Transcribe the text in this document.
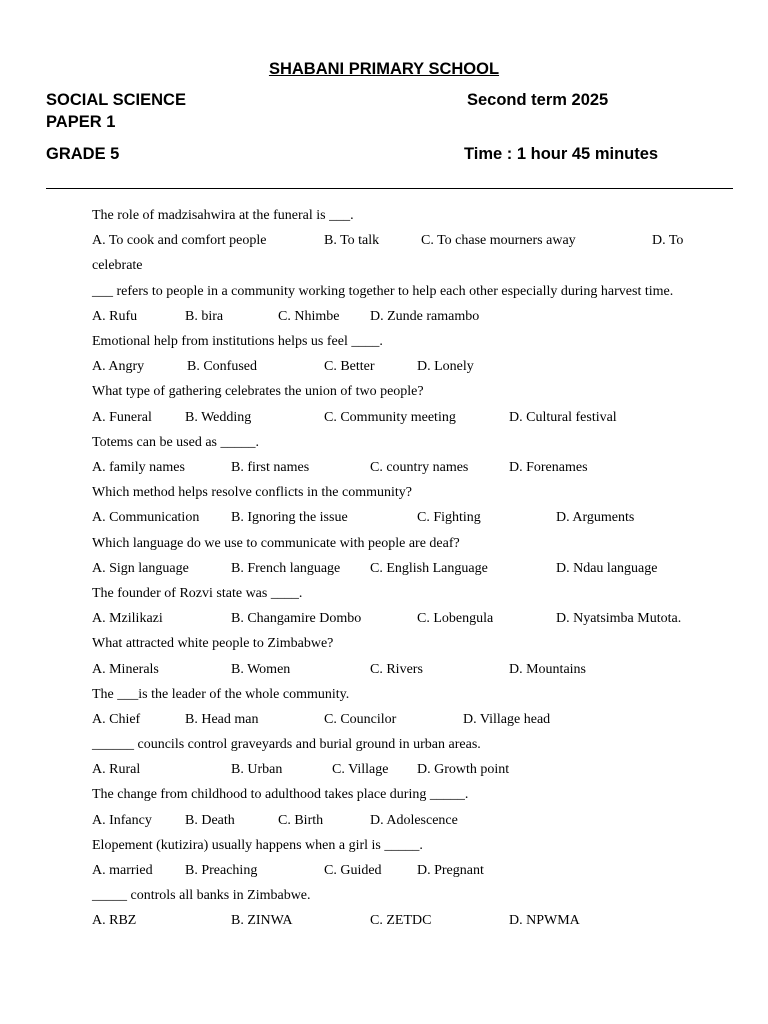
SHABANI PRIMARY SCHOOL
SOCIAL SCIENCE	Second term 2025
PAPER 1
GRADE 5	Time : 1 hour 45 minutes
The role of madzisahwira at the funeral is ___.
A. To cook and comfort people	B. To talk	C. To chase mourners away	D. To
celebrate
___ refers to people in a community working together to help each other especially during harvest time.
A. Rufu	B. bira	C. Nhimbe D. Zunde ramambo
Emotional help from institutions helps us feel ____.
A. Angry	B. Confused	C. Better	D. Lonely
What type of gathering celebrates the union of two people?
A. Funeral B. Wedding	C. Community meeting	D. Cultural festival
Totems can be used as _____.
A. family names	B. first names	C. country names	D. Forenames
Which method helps resolve conflicts in the community?
A. Communication B. Ignoring the issue	C. Fighting	D. Arguments
Which language do we use to communicate with people are deaf?
A. Sign language	B. French language C. English Language	D. Ndau language
The founder of Rozvi state was ____.
A. Mzilikazi	B. Changamire Dombo	C. Lobengula	D. Nyatsimba Mutota.
What attracted white people to Zimbabwe?
A. Minerals	B. Women	C. Rivers	D. Mountains
The ___is the leader of the whole community.
A. Chief	B. Head man	C. Councilor	D. Village head
______ councils control graveyards and burial ground in urban areas.
A. Rural	B. Urban	C. Village D. Growth point
The change from childhood to adulthood takes place during _____.
A. Infancy B. Death	C. Birth	D. Adolescence
Elopement (kutizira) usually happens when a girl is _____.
A. married B. Preaching	C. Guided	D. Pregnant
_____ controls all banks in Zimbabwe.
A. RBZ	B. ZINWA	C. ZETDC	D. NPWMA
